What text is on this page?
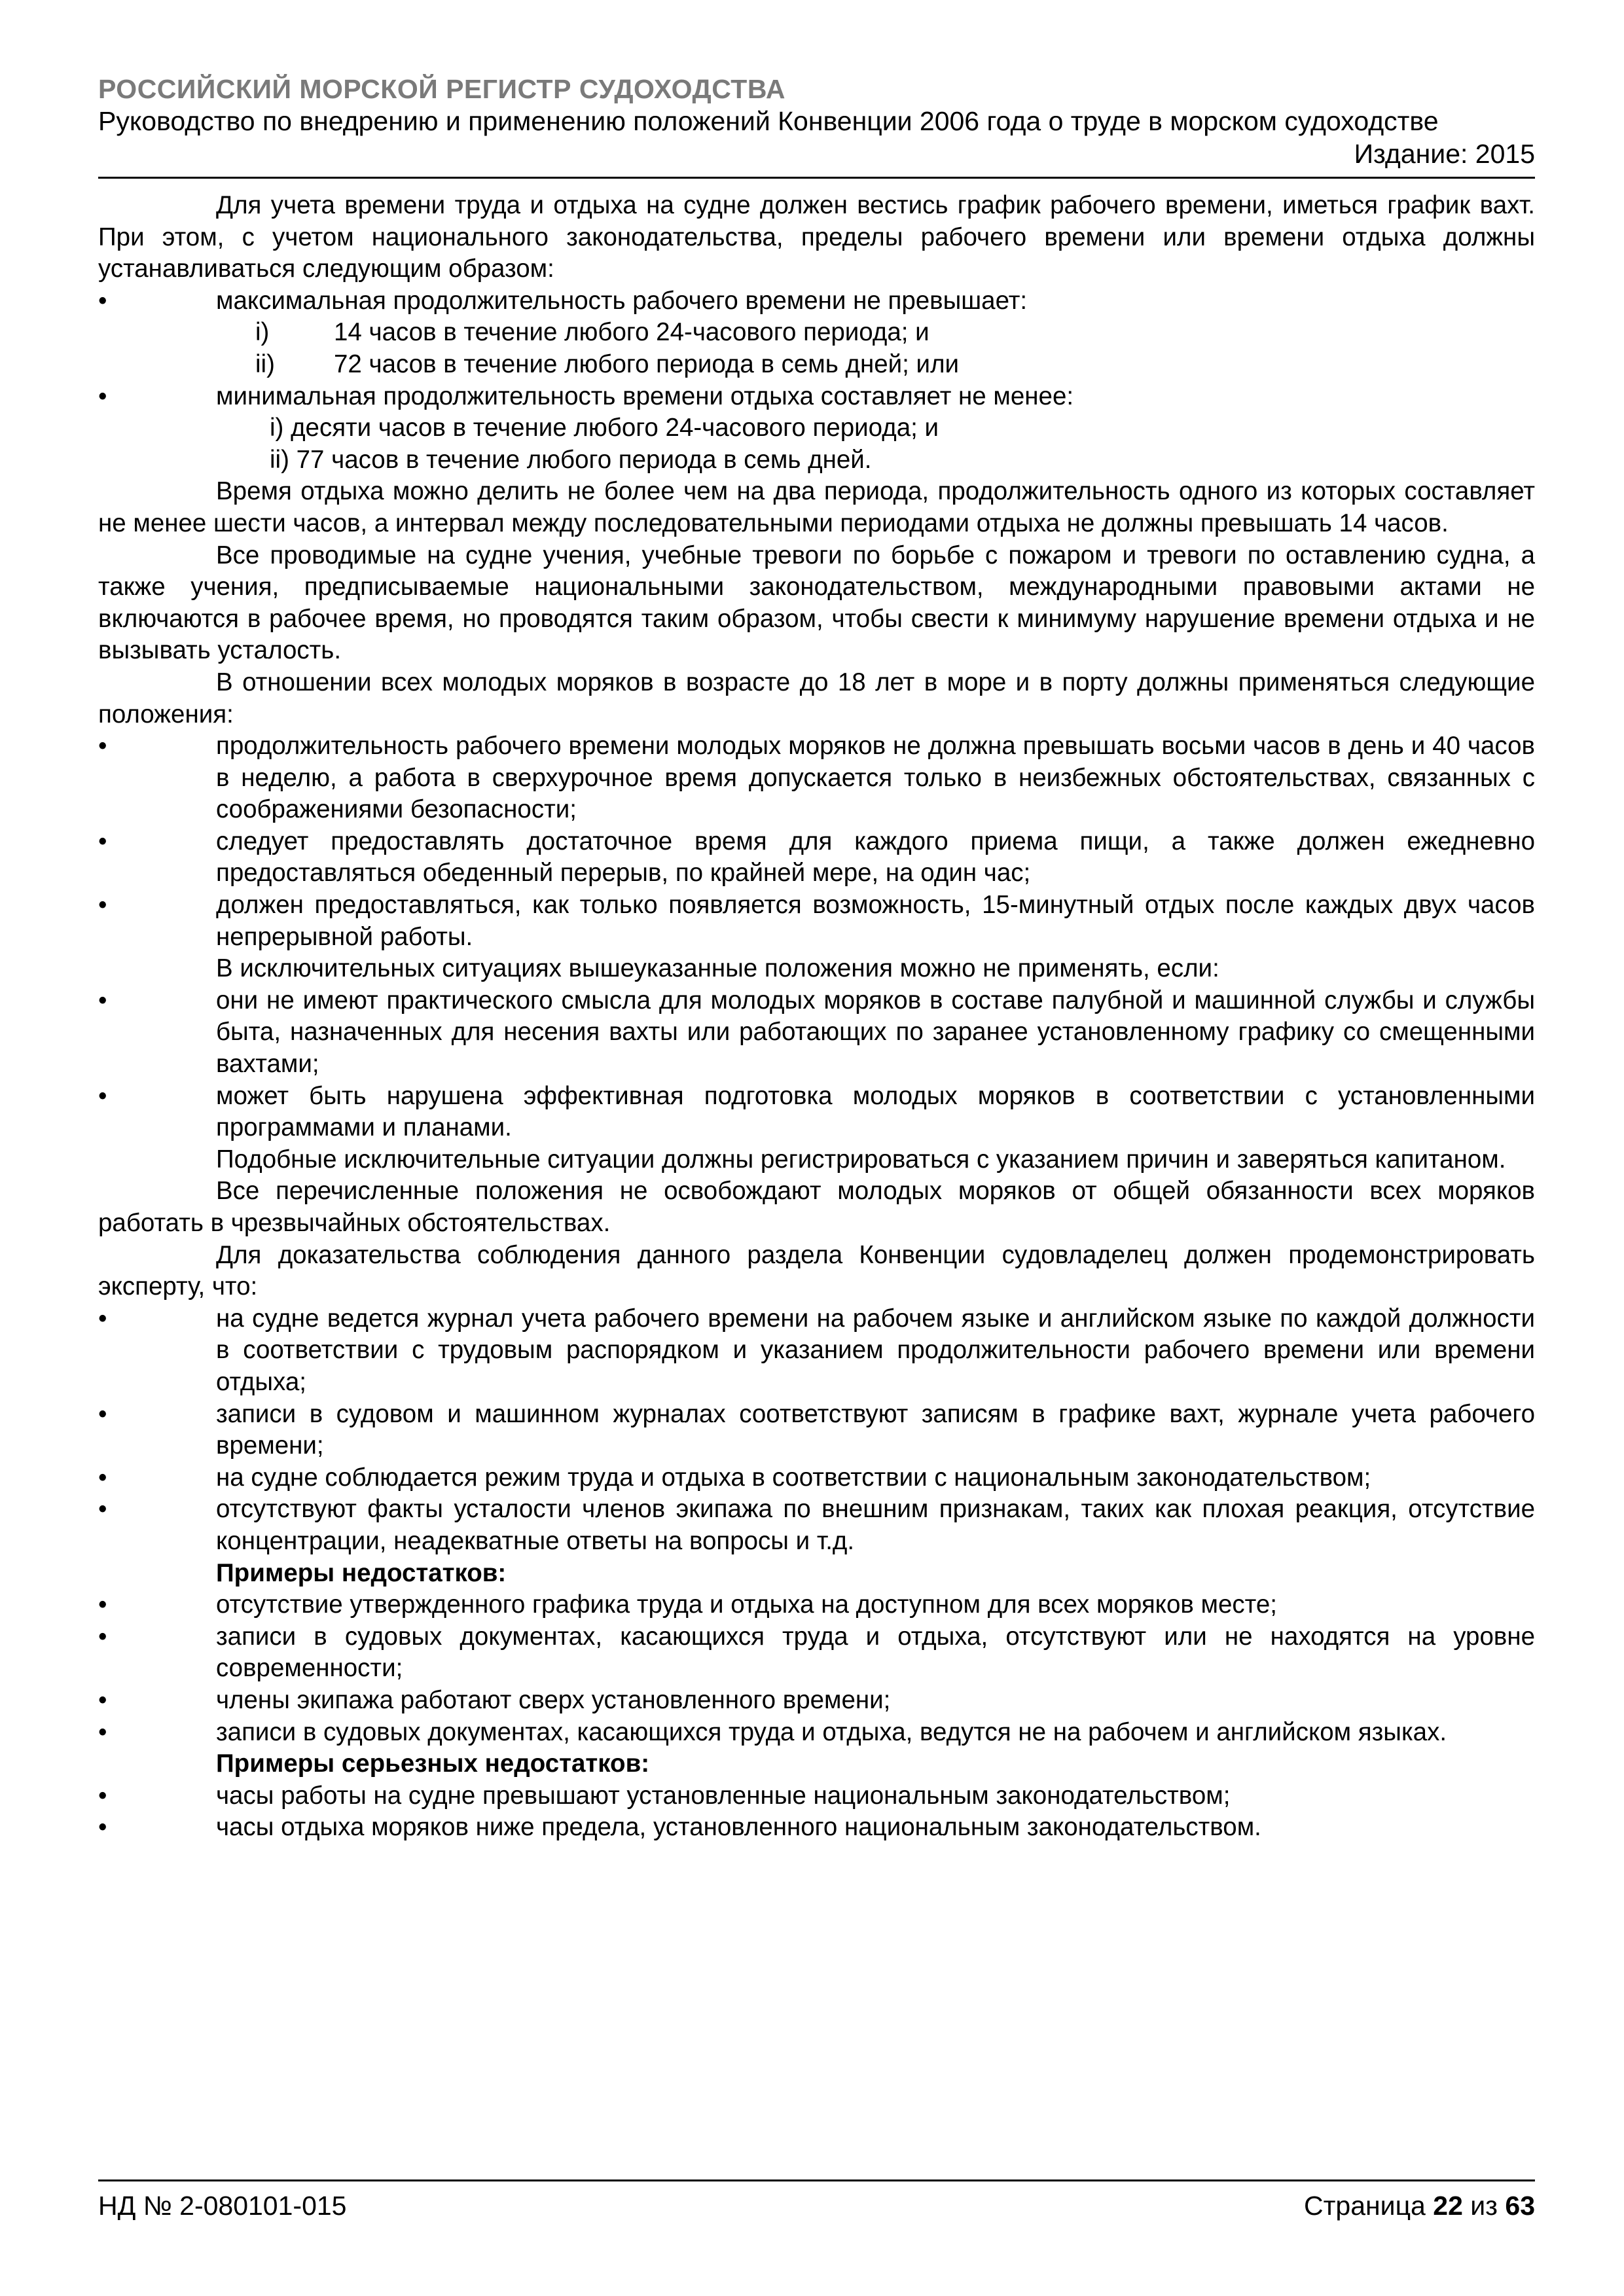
РОССИЙСКИЙ МОРСКОЙ РЕГИСТР СУДОХОДСТВА
Руководство по внедрению и применению положений Конвенции 2006 года о труде в морском судоходстве
Издание: 2015

Для учета времени труда и отдыха на судне должен вестись график рабочего времени, иметься график вахт. При этом, с учетом национального законодательства, пределы рабочего времени или времени отдыха должны устанавливаться следующим образом:

•	максимальная продолжительность рабочего времени не превышает:
i)	14 часов в течение любого 24-часового периода; и
ii) 72 часов в течение любого периода в семь дней; или
•	минимальная продолжительность времени отдыха составляет не менее:
i) десяти часов в течение любого 24-часового периода; и
ii) 77 часов в течение любого периода в семь дней.

Время отдыха можно делить не более чем на два периода, продолжительность одного из которых составляет не менее шести часов, а интервал между последовательными периодами отдыха не должны превышать 14 часов.

Все проводимые на судне учения, учебные тревоги по борьбе с пожаром и тревоги по оставлению судна, а также учения, предписываемые национальными законодательством, международными правовыми актами не включаются в рабочее время, но проводятся таким образом, чтобы свести к минимуму нарушение времени отдыха и не вызывать усталость.

В отношении всех молодых моряков в возрасте до 18 лет в море и в порту должны применяться следующие положения:

•	продолжительность рабочего времени молодых моряков не должна превышать восьми часов в день и 40 часов в неделю, а работа в сверхурочное время допускается только в неизбежных обстоятельствах, связанных с соображениями безопасности;
•	следует предоставлять достаточное время для каждого приема пищи, а также должен ежедневно предоставляться обеденный перерыв, по крайней мере, на один час;
•	должен предоставляться, как только появляется возможность, 15-минутный отдых после каждых двух часов непрерывной работы.

В исключительных ситуациях вышеуказанные положения можно не применять, если:

•	они не имеют практического смысла для молодых моряков в составе палубной и машинной службы и службы быта, назначенных для несения вахты или работающих по заранее установленному графику со смещенными вахтами;
•	может быть нарушена эффективная подготовка молодых моряков в соответствии с установленными программами и планами.

Подобные исключительные ситуации должны регистрироваться с указанием причин и заверяться капитаном.

Все перечисленные положения не освобождают молодых моряков от общей обязанности всех моряков работать в чрезвычайных обстоятельствах.

Для доказательства соблюдения данного раздела Конвенции судовладелец должен продемонстрировать эксперту, что:

•	на судне ведется журнал учета рабочего времени на рабочем языке и английском языке по каждой должности в соответствии с трудовым распорядком и указанием продолжительности рабочего времени или времени отдыха;
•	записи в судовом и машинном журналах соответствуют записям в графике вахт, журнале учета рабочего времени;
•	на судне соблюдается режим труда и отдыха в соответствии с национальным законодательством;
•	отсутствуют факты усталости членов экипажа по внешним признакам, таких как плохая реакция, отсутствие концентрации, неадекватные ответы на вопросы и т.д.

Примеры недостатков:

•	отсутствие утвержденного графика труда и отдыха на доступном для всех моряков месте;
•	записи в судовых документах, касающихся труда и отдыха, отсутствуют или не находятся на уровне современности;
•	члены экипажа работают сверх установленного времени;
•	записи в судовых документах, касающихся труда и отдыха, ведутся не на рабочем и английском языках.

Примеры серьезных недостатков:

•	часы работы на судне превышают установленные национальным законодательством;
•	часы отдыха моряков ниже предела, установленного национальным законодательством.
НД № 2-080101-015	Страница 22 из 63
